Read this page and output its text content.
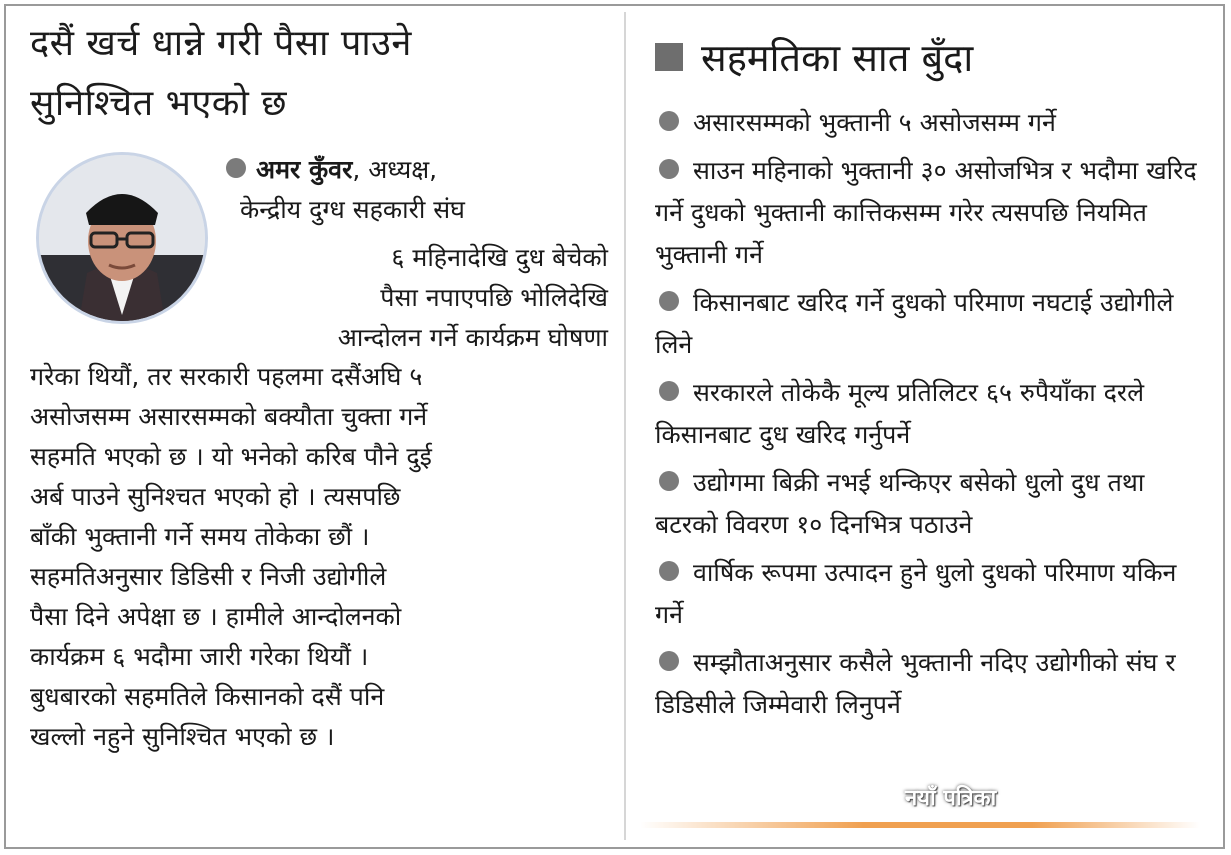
दसैं खर्च धान्ने गरी पैसा पाउने
सुनिश्चित भएको छ
अमर कुँवर, अध्यक्ष,
केन्द्रीय दुग्ध सहकारी संघ
६ महिनादेखि दुध बेचेको
पैसा नपाएपछि भोलिदेखि
आन्दोलन गर्ने कार्यक्रम घोषणा
गरेका थियौं, तर सरकारी पहलमा दसैंअघि ५
असोजसम्म असारसम्मको बक्यौता चुक्ता गर्ने
सहमति भएको छ । यो भनेको करिब पौने दुई
अर्ब पाउने सुनिश्चत भएको हो । त्यसपछि
बाँकी भुक्तानी गर्ने समय तोकेका छौं ।
सहमतिअनुसार डिडिसी र निजी उद्योगीले
पैसा दिने अपेक्षा छ । हामीले आन्दोलनको
कार्यक्रम ६ भदौमा जारी गरेका थियौं ।
बुधबारको सहमतिले किसानको दसैं पनि
खल्लो नहुने सुनिश्चित भएको छ ।
सहमतिका सात बुँदा
असारसम्मको भुक्तानी ५ असोजसम्म गर्ने
साउन महिनाको भुक्तानी ३० असोजभित्र र भदौमा खरिद गर्ने दुधको भुक्तानी कात्तिकसम्म गरेर त्यसपछि नियमित भुक्तानी गर्ने
किसानबाट खरिद गर्ने दुधको परिमाण नघटाई उद्योगीले लिने
सरकारले तोकेकै मूल्य प्रतिलिटर ६५ रुपैयाँका दरले किसानबाट दुध खरिद गर्नुपर्ने
उद्योगमा बिक्री नभई थन्किएर बसेको धुलो दुध तथा बटरको विवरण १० दिनभित्र पठाउने
वार्षिक रूपमा उत्पादन हुने धुलो दुधको परिमाण यकिन गर्ने
सम्झौताअनुसार कसैले भुक्तानी नदिए उद्योगीको संघ र डिडिसीले जिम्मेवारी लिनुपर्ने
नयाँ पत्रिका
